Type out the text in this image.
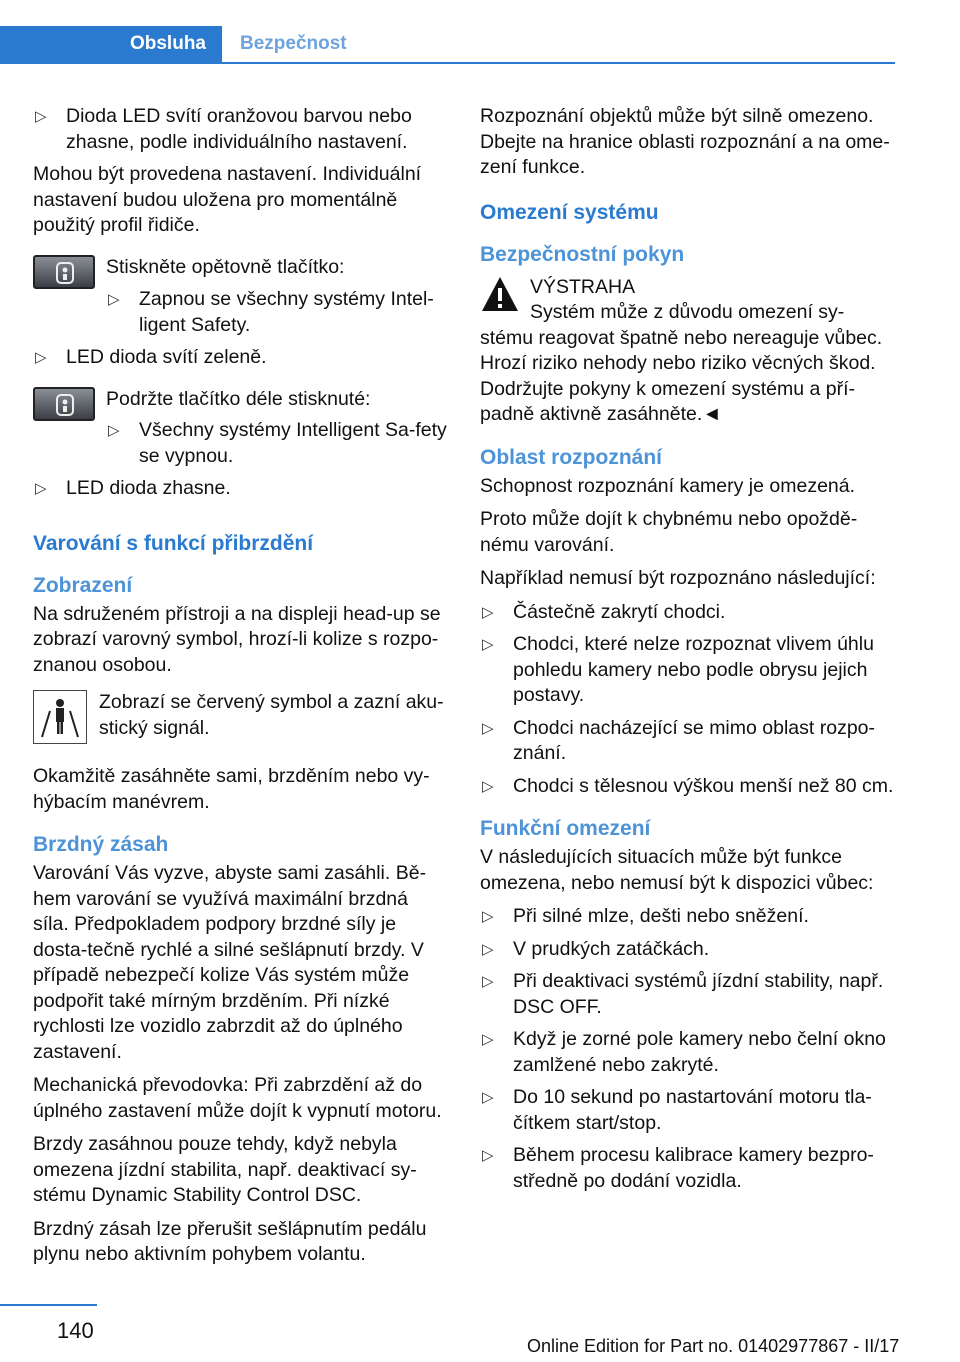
Obsluha	Bezpečnost
▷ Dioda LED svítí oranžovou barvou nebo zhasne, podle individuálního nastavení.

Mohou být provedena nastavení. Individuální nastavení budou uložena pro momentálně použitý profil řidiče.

Stiskněte opětovně tlačítko:
▷ Zapnou se všechny systémy Intel‐ligent Safety.
▷ LED dioda svítí zeleně.
Podržte tlačítko déle stisknuté:
▷ Všechny systémy Intelligent Sa‐fety se vypnou.
▷ LED dioda zhasne.
Varování s funkcí přibrzdění
Zobrazení

Na sdruženém přístroji a na displeji head-up se zobrazí varovný symbol, hrozí-li kolize s rozpo‐znanou osobou.

Zobrazí se červený symbol a zazní aku‐stický signál.

Okamžitě zasáhněte sami, brzděním nebo vy‐hýbacím manévrem.

Brzdný zásah

Varování Vás vyzve, abyste sami zasáhli. Bě‐hem varování se využívá maximální brzdná síla. Předpokladem podpory brzdné síly je dosta‐tečně rychlé a silné sešlápnutí brzdy. V případě nebezpečí kolize Vás systém může podpořit také mírným brzděním. Při nízké rychlosti lze vozidlo zabrzdit až do úplného zastavení.

Mechanická převodovka: Při zabrzdění až do úplného zastavení může dojít k vypnutí motoru.

Brzdy zasáhnou pouze tehdy, když nebyla omezena jízdní stabilita, např. deaktivací sy‐stému Dynamic Stability Control DSC.

Brzdný zásah lze přerušit sešlápnutím pedálu plynu nebo aktivním pohybem volantu.

Rozpoznání objektů může být silně omezeno. Dbejte na hranice oblasti rozpoznání a na ome‐zení funkce.

Omezení systému
Bezpečnostní pokyn
VÝSTRAHA

Systém může z důvodu omezení sy‐stému reagovat špatně nebo nereaguje vůbec. Hrozí riziko nehody nebo riziko věcných škod. Dodržujte pokyny k omezení systému a pří‐padně aktivně zasáhněte.◄

Oblast rozpoznání

Schopnost rozpoznání kamery je omezená.

Proto může dojít k chybnému nebo opoždě‐nému varování.

Například nemusí být rozpoznáno následující:

▷ Částečně zakrytí chodci.
▷ Chodci, které nelze rozpoznat vlivem úhlu pohledu kamery nebo podle obrysu jejich postavy.
▷ Chodci nacházející se mimo oblast rozpo‐znání.
▷ Chodci s tělesnou výškou menší než 80 cm.
Funkční omezení

V následujících situacích může být funkce omezena, nebo nemusí být k dispozici vůbec:

▷ Při silné mlze, dešti nebo sněžení.
▷ V prudkých zatáčkách.
▷ Při deaktivaci systémů jízdní stability, např. DSC OFF.
▷ Když je zorné pole kamery nebo čelní okno zamlžené nebo zakryté.
▷ Do 10 sekund po nastartování motoru tla‐čítkem start/stop.
▷ Během procesu kalibrace kamery bezpro‐středně po dodání vozidla.
140
Online Edition for Part no. 01402977867 - II/17
